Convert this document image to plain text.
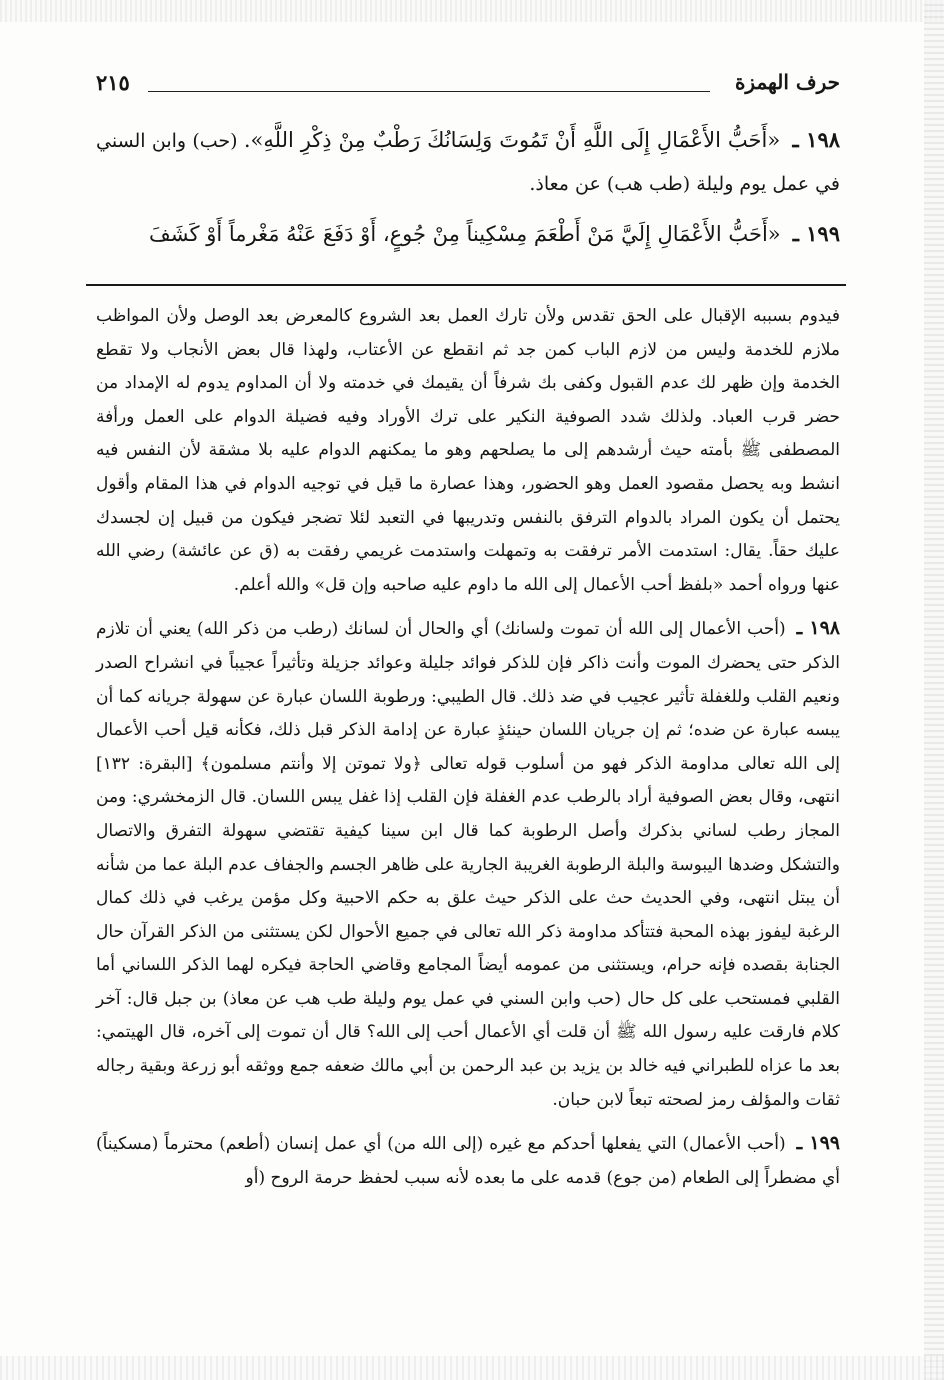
حرف الهمزة
٢١٥
١٩٨ ـ «أَحَبُّ الأَعْمَالِ إِلَى اللَّهِ أَنْ تَمُوتَ وَلِسَانُكَ رَطْبٌ مِنْ ذِكْرِ اللَّهِ». (حب) وابن السني في عمل يوم وليلة (طب هب) عن معاذ.
١٩٩ ـ «أَحَبُّ الأَعْمَالِ إِلَيَّ مَنْ أَطْعَمَ مِسْكِيناً مِنْ جُوعٍ، أَوْ دَفَعَ عَنْهُ مَغْرماً أَوْ كَشَفَ

فيدوم بسببه الإقبال على الحق تقدس ولأن تارك العمل بعد الشروع كالمعرض بعد الوصل ولأن المواظب ملازم للخدمة وليس من لازم الباب كمن جد ثم انقطع عن الأعتاب، ولهذا قال بعض الأنجاب ولا تقطع الخدمة وإن ظهر لك عدم القبول وكفى بك شرفاً أن يقيمك في خدمته ولا أن المداوم يدوم له الإمداد من حضر قرب العباد. ولذلك شدد الصوفية النكير على ترك الأوراد وفيه فضيلة الدوام على العمل ورأفة المصطفى ﷺ بأمته حيث أرشدهم إلى ما يصلحهم وهو ما يمكنهم الدوام عليه بلا مشقة لأن النفس فيه انشط وبه يحصل مقصود العمل وهو الحضور، وهذا عصارة ما قيل في توجيه الدوام في هذا المقام وأقول يحتمل أن يكون المراد بالدوام الترفق بالنفس وتدريبها في التعبد لئلا تضجر فيكون من قبيل إن لجسدك عليك حقاً. يقال: استدمت الأمر ترفقت به وتمهلت واستدمت غريمي رفقت به (ق عن عائشة) رضي الله عنها ورواه أحمد «بلفظ أحب الأعمال إلى الله ما داوم عليه صاحبه وإن قل» والله أعلم.

١٩٨ ـ (أحب الأعمال إلى الله أن تموت ولسانك) أي والحال أن لسانك (رطب من ذكر الله) يعني أن تلازم الذكر حتى يحضرك الموت وأنت ذاكر فإن للذكر فوائد جليلة وعوائد جزيلة وتأثيراً عجيباً في انشراح الصدر ونعيم القلب وللغفلة تأثير عجيب في ضد ذلك. قال الطيبي: ورطوبة اللسان عبارة عن سهولة جريانه كما أن يبسه عبارة عن ضده؛ ثم إن جريان اللسان حينئذٍ عبارة عن إدامة الذكر قبل ذلك، فكأنه قيل أحب الأعمال إلى الله تعالى مداومة الذكر فهو من أسلوب قوله تعالى ﴿ولا تموتن إلا وأنتم مسلمون﴾ [البقرة: ١٣٢] انتهى، وقال بعض الصوفية أراد بالرطب عدم الغفلة فإن القلب إذا غفل يبس اللسان. قال الزمخشري: ومن المجاز رطب لساني بذكرك وأصل الرطوبة كما قال ابن سينا كيفية تقتضي سهولة التفرق والاتصال والتشكل وضدها اليبوسة والبلة الرطوبة الغريبة الجارية على ظاهر الجسم والجفاف عدم البلة عما من شأنه أن يبتل انتهى، وفي الحديث حث على الذكر حيث علق به حكم الاحبية وكل مؤمن يرغب في ذلك كمال الرغبة ليفوز بهذه المحبة فتتأكد مداومة ذكر الله تعالى في جميع الأحوال لكن يستثنى من الذكر القرآن حال الجنابة بقصده فإنه حرام، ويستثنى من عمومه أيضاً المجامع وقاضي الحاجة فيكره لهما الذكر اللساني أما القلبي فمستحب على كل حال (حب وابن السني في عمل يوم وليلة طب هب عن معاذ) بن جبل قال: آخر كلام فارقت عليه رسول الله ﷺ أن قلت أي الأعمال أحب إلى الله؟ قال أن تموت إلى آخره، قال الهيتمي: بعد ما عزاه للطبراني فيه خالد بن يزيد بن عبد الرحمن بن أبي مالك ضعفه جمع ووثقه أبو زرعة وبقية رجاله ثقات والمؤلف رمز لصحته تبعاً لابن حبان.

١٩٩ ـ (أحب الأعمال) التي يفعلها أحدكم مع غيره (إلى الله من) أي عمل إنسان (أطعم) محترماً (مسكيناً) أي مضطراً إلى الطعام (من جوع) قدمه على ما بعده لأنه سبب لحفظ حرمة الروح (أو
